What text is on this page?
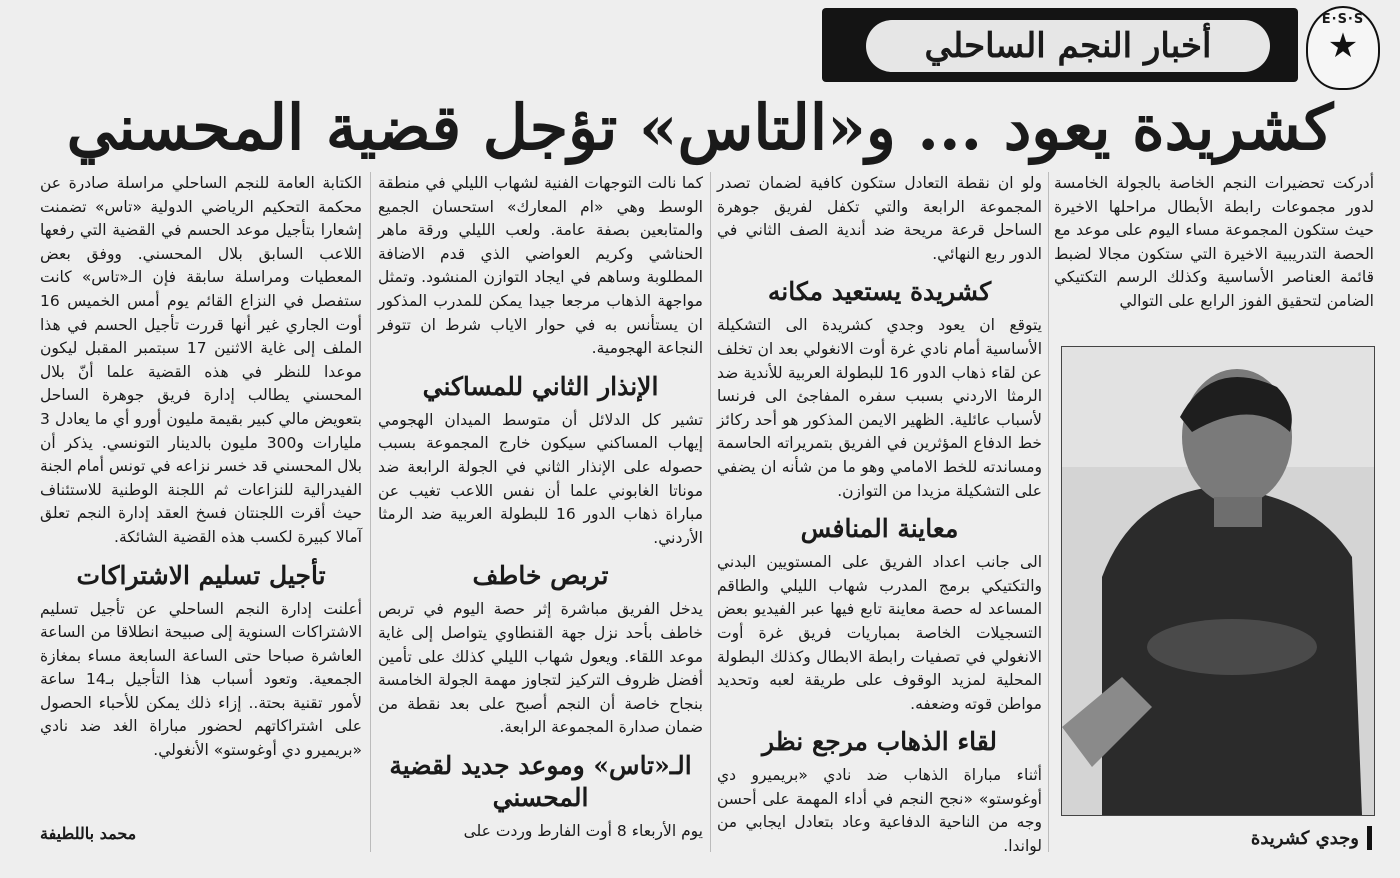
E·S·S
★
أخبار النجم الساحلي
كشريدة يعود ... و«التاس» تؤجل قضية المحسني

أدركت تحضيرات النجم الخاصة بالجولة الخامسة لدور مجموعات رابطة الأبطال مراحلها الاخيرة حيث ستكون المجموعة مساء اليوم على موعد مع الحصة التدريبية الاخيرة التي ستكون مجالا لضبط قائمة العناصر الأساسية وكذلك الرسم التكتيكي الضامن لتحقيق الفوز الرابع على التوالي

وجدي كشريدة

ولو ان نقطة التعادل ستكون كافية لضمان تصدر المجموعة الرابعة والتي تكفل لفريق جوهرة الساحل قرعة مريحة ضد أندية الصف الثاني في الدور ربع النهائي.

كشريدة يستعيد مكانه

يتوقع ان يعود وجدي كشريدة الى التشكيلة الأساسية أمام نادي غرة أوت الانغولي بعد ان تخلف عن لقاء ذهاب الدور 16 للبطولة العربية للأندية ضد الرمثا الاردني بسبب سفره المفاجئ الى فرنسا لأسباب عائلية. الظهير الايمن المذكور هو أحد ركائز خط الدفاع المؤثرين في الفريق بتمريراته الحاسمة ومساندته للخط الامامي وهو ما من شأنه ان يضفي على التشكيلة مزيدا من التوازن.

معاينة المنافس

الى جانب اعداد الفريق على المستويين البدني والتكتيكي برمج المدرب شهاب الليلي والطاقم المساعد له حصة معاينة تابع فيها عبر الفيديو بعض التسجيلات الخاصة بمباريات فريق غرة أوت الانغولي في تصفيات رابطة الابطال وكذلك البطولة المحلية لمزيد الوقوف على طريقة لعبه وتحديد مواطن قوته وضعفه.

لقاء الذهاب مرجع نظر

أثناء مباراة الذهاب ضد نادي «بريميرو دي أوغوستو» «نجح النجم في أداء المهمة على أحسن وجه من الناحية الدفاعية وعاد بتعادل ايجابي من لواندا.

كما نالت التوجهات الفنية لشهاب الليلي في منطقة الوسط وهي «ام المعارك» استحسان الجميع والمتابعين بصفة عامة. ولعب الليلي ورقة ماهر الحناشي وكريم العواضي الذي قدم الاضافة المطلوبة وساهم في ايجاد التوازن المنشود. وتمثل مواجهة الذهاب مرجعا جيدا يمكن للمدرب المذكور ان يستأنس به في حوار الاياب شرط ان تتوفر النجاعة الهجومية.

الإنذار الثاني للمساكني

تشير كل الدلائل أن متوسط الميدان الهجومي إيهاب المساكني سيكون خارج المجموعة بسبب حصوله على الإنذار الثاني في الجولة الرابعة ضد موناتا الغابوني علما أن نفس اللاعب تغيب عن مباراة ذهاب الدور 16 للبطولة العربية ضد الرمثا الأردني.

تربص خاطف

يدخل الفريق مباشرة إثر حصة اليوم في تربص خاطف بأحد نزل جهة القنطاوي يتواصل إلى غاية موعد اللقاء. ويعول شهاب الليلي كذلك على تأمين أفضل ظروف التركيز لتجاوز مهمة الجولة الخامسة بنجاح خاصة أن النجم أصبح على بعد نقطة من ضمان صدارة المجموعة الرابعة.

الـ«تاس» وموعد جديد لقضية المحسني

يوم الأربعاء 8 أوت الفارط وردت على

الكتابة العامة للنجم الساحلي مراسلة صادرة عن محكمة التحكيم الرياضي الدولية «تاس» تضمنت إشعارا بتأجيل موعد الحسم في القضية التي رفعها اللاعب السابق بلال المحسني. ووفق بعض المعطيات ومراسلة سابقة فإن الـ«تاس» كانت ستفصل في النزاع القائم يوم أمس الخميس 16 أوت الجاري غير أنها قررت تأجيل الحسم في هذا الملف إلى غاية الاثنين 17 سبتمبر المقبل ليكون موعدا للنظر في هذه القضية علما أنّ بلال المحسني يطالب إدارة فريق جوهرة الساحل بتعويض مالي كبير بقيمة مليون أورو أي ما يعادل 3 مليارات و300 مليون بالدينار التونسي. يذكر أن بلال المحسني قد خسر نزاعه في تونس أمام الجنة الفيدرالية للنزاعات ثم اللجنة الوطنية للاستئناف حيث أقرت اللجنتان فسخ العقد إدارة النجم تعلق آمالا كبيرة لكسب هذه القضية الشائكة.

تأجيل تسليم الاشتراكات

أعلنت إدارة النجم الساحلي عن تأجيل تسليم الاشتراكات السنوية إلى صبيحة انطلاقا من الساعة العاشرة صباحا حتى الساعة السابعة مساء بمغازة الجمعية. وتعود أسباب هذا التأجيل بـ14 ساعة لأمور تقنية بحتة.. إزاء ذلك يمكن للأحباء الحصول على اشتراكاتهم لحضور مباراة الغد ضد نادي «بريميرو دي أوغوستو» الأنغولي.

محمد باللطيفة
